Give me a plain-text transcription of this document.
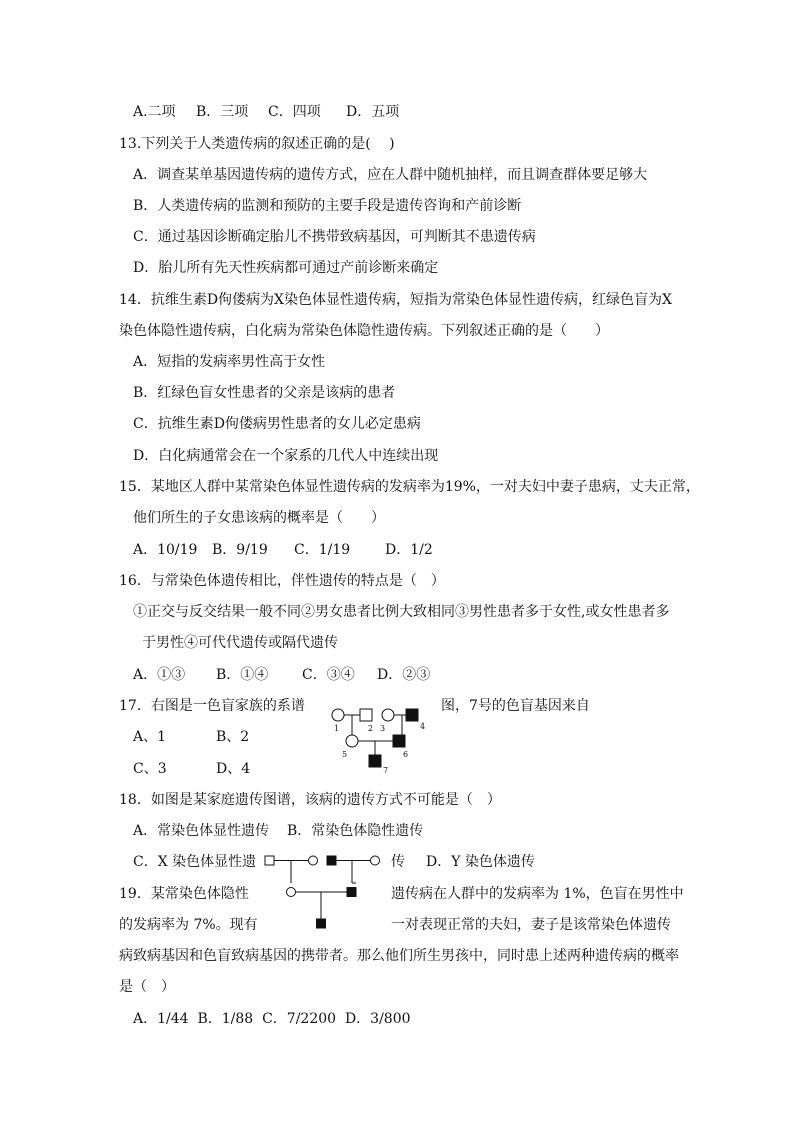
A.二项 B．三项 C．四项 D．五项
13.下列关于人类遗传病的叙述正确的是(　 )
A．调查某单基因遗传病的遗传方式，应在人群中随机抽样，而且调查群体要足够大
B．人类遗传病的监测和预防的主要手段是遗传咨询和产前诊断
C．通过基因诊断确定胎儿不携带致病基因，可判断其不患遗传病
D．胎儿所有先天性疾病都可通过产前诊断来确定
14．抗维生素D佝偻病为X染色体显性遗传病，短指为常染色体显性遗传病，红绿色盲为X
染色体隐性遗传病，白化病为常染色体隐性遗传病。下列叙述正确的是（　　）
A．短指的发病率男性高于女性
B．红绿色盲女性患者的父亲是该病的患者
C．抗维生素D佝偻病男性患者的女儿必定患病
D．白化病通常会在一个家系的几代人中连续出现
15．某地区人群中某常染色体显性遗传病的发病率为19%，一对夫妇中妻子患病，丈夫正常，
他们所生的子女患该病的概率是（　　）
A．10/19 B．9/19 C．1/19 D．1/2
16．与常染色体遗传相比，伴性遗传的特点是（　）
①正交与反交结果一般不同②男女患者比例大致相同③男性患者多于女性,或女性患者多
于男性④可代代遗传或隔代遗传
A．①③ B．①④ C．③④ D．②③
17．右图是一色盲家族的系谱	图，7号的色盲基因来自
A、1	B、2
C、3	D、4
1	2 3	4
5	6
7
18．如图是某家庭遗传图谱，该病的遗传方式不可能是（　）
A．常染色体显性遗传 B．常染色体隐性遗传
C．X 染色体显性遗	传 D．Y 染色体遗传
19．某常染色体隐性	遗传病在人群中的发病率为 1%，色盲在男性中
的发病率为 7%。现有	一对表现正常的夫妇，妻子是该常染色体遗传
病致病基因和色盲致病基因的携带者。那么他们所生男孩中，同时患上述两种遗传病的概率
是（　）
A．1/44  B．1/88  C．7/2200  D．3/800
